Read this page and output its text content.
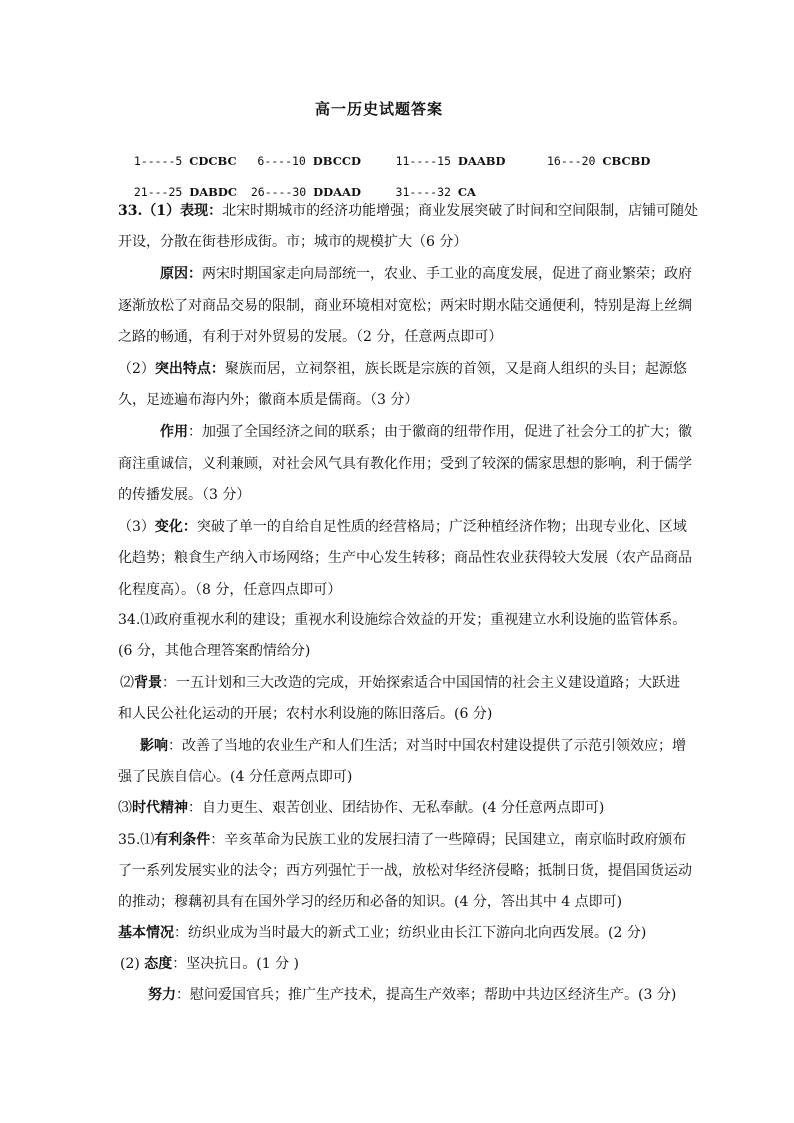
高一历史试题答案

1-----5 CDCBC   6----10 DBCCD     11----15 DAABD      16---20 CBCBD

21---25 DABDC  26----30 DDAAD     31----32 CA

33.（1）表现：北宋时期城市的经济功能增强；商业发展突破了时间和空间限制，店铺可随处
开设，分散在街巷形成街。市；城市的规模扩大（6 分）
原因：两宋时期国家走向局部统一，农业、手工业的高度发展，促进了商业繁荣；政府
逐渐放松了对商品交易的限制，商业环境相对宽松；两宋时期水陆交通便利，特别是海上丝绸
之路的畅通，有利于对外贸易的发展。（2 分，任意两点即可）
（2）突出特点：聚族而居，立祠祭祖，族长既是宗族的首领，又是商人组织的头目；起源悠
久，足迹遍布海内外；徽商本质是儒商。（3 分）
作用：加强了全国经济之间的联系；由于徽商的纽带作用，促进了社会分工的扩大；徽
商注重诚信，义利兼顾，对社会风气具有教化作用；受到了较深的儒家思想的影响，利于儒学
的传播发展。（3 分）
（3）变化：突破了单一的自给自足性质的经营格局；广泛种植经济作物；出现专业化、区域
化趋势；粮食生产纳入市场网络；生产中心发生转移；商品性农业获得较大发展（农产品商品
化程度高）。（8 分，任意四点即可）
34.⑴政府重视水利的建设；重视水利设施综合效益的开发；重视建立水利设施的监管体系。
(6 分，其他合理答案酌情给分)
⑵背景：一五计划和三大改造的完成，开始探索适合中国国情的社会主义建设道路；大跃进
和人民公社化运动的开展；农村水利设施的陈旧落后。(6 分)
影响：改善了当地的农业生产和人们生活；对当时中国农村建设提供了示范引领效应；增
强了民族自信心。(4 分任意两点即可)
⑶时代精神：自力更生、艰苦创业、团结协作、无私奉献。(4 分任意两点即可)
35.⑴有利条件：辛亥革命为民族工业的发展扫清了一些障碍；民国建立，南京临时政府颁布
了一系列发展实业的法令；西方列强忙于一战，放松对华经济侵略；抵制日货，提倡国货运动
的推动；穆藕初具有在国外学习的经历和必备的知识。(4 分，答出其中 4 点即可)
基本情况：纺织业成为当时最大的新式工业；纺织业由长江下游向北向西发展。(2 分)
(2) 态度：坚决抗日。(1 分 )
努力：慰问爱国官兵；推广生产技术，提高生产效率；帮助中共边区经济生产。(3 分)
